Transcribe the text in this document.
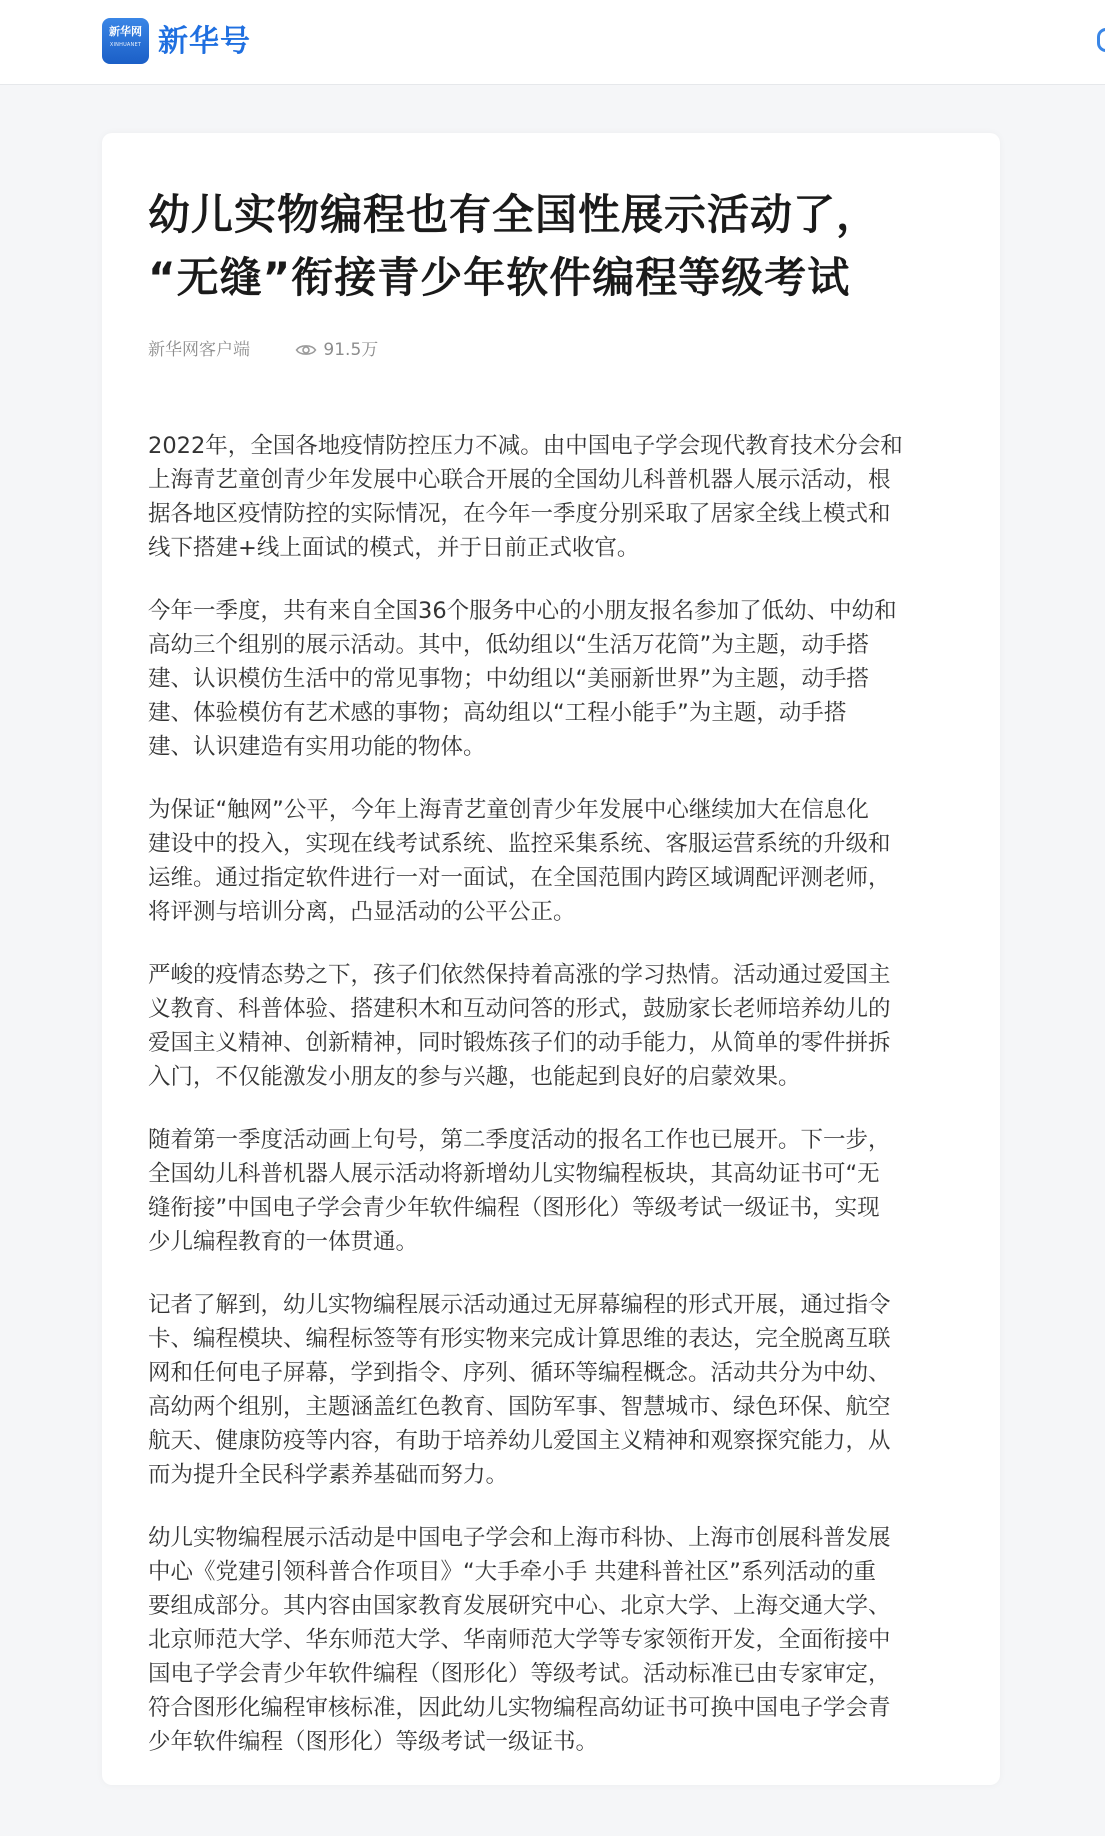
新华网
XINHUANET 新华号
幼儿实物编程也有全国性展示活动了，
“无缝”衔接青少年软件编程等级考试
新华网客户端	91.5万

2022年，全国各地疫情防控压力不减。由中国电子学会现代教育技术分会和
上海青艺童创青少年发展中心联合开展的全国幼儿科普机器人展示活动，根
据各地区疫情防控的实际情况，在今年一季度分别采取了居家全线上模式和
线下搭建+线上面试的模式，并于日前正式收官。

今年一季度，共有来自全国36个服务中心的小朋友报名参加了低幼、中幼和
高幼三个组别的展示活动。其中，低幼组以“生活万花筒”为主题，动手搭
建、认识模仿生活中的常见事物；中幼组以“美丽新世界”为主题，动手搭
建、体验模仿有艺术感的事物；高幼组以“工程小能手”为主题，动手搭
建、认识建造有实用功能的物体。

为保证“触网”公平，今年上海青艺童创青少年发展中心继续加大在信息化
建设中的投入，实现在线考试系统、监控采集系统、客服运营系统的升级和
运维。通过指定软件进行一对一面试，在全国范围内跨区域调配评测老师，
将评测与培训分离，凸显活动的公平公正。

严峻的疫情态势之下，孩子们依然保持着高涨的学习热情。活动通过爱国主
义教育、科普体验、搭建积木和互动问答的形式，鼓励家长老师培养幼儿的
爱国主义精神、创新精神，同时锻炼孩子们的动手能力，从简单的零件拼拆
入门，不仅能激发小朋友的参与兴趣，也能起到良好的启蒙效果。

随着第一季度活动画上句号，第二季度活动的报名工作也已展开。下一步，
全国幼儿科普机器人展示活动将新增幼儿实物编程板块，其高幼证书可“无
缝衔接”中国电子学会青少年软件编程（图形化）等级考试一级证书，实现
少儿编程教育的一体贯通。

记者了解到，幼儿实物编程展示活动通过无屏幕编程的形式开展，通过指令
卡、编程模块、编程标签等有形实物来完成计算思维的表达，完全脱离互联
网和任何电子屏幕，学到指令、序列、循环等编程概念。活动共分为中幼、
高幼两个组别，主题涵盖红色教育、国防军事、智慧城市、绿色环保、航空
航天、健康防疫等内容，有助于培养幼儿爱国主义精神和观察探究能力，从
而为提升全民科学素养基础而努力。

幼儿实物编程展示活动是中国电子学会和上海市科协、上海市创展科普发展
中心《党建引领科普合作项目》“大手牵小手 共建科普社区”系列活动的重
要组成部分。其内容由国家教育发展研究中心、北京大学、上海交通大学、
北京师范大学、华东师范大学、华南师范大学等专家领衔开发，全面衔接中
国电子学会青少年软件编程（图形化）等级考试。活动标准已由专家审定，
符合图形化编程审核标准，因此幼儿实物编程高幼证书可换中国电子学会青
少年软件编程（图形化）等级考试一级证书。
